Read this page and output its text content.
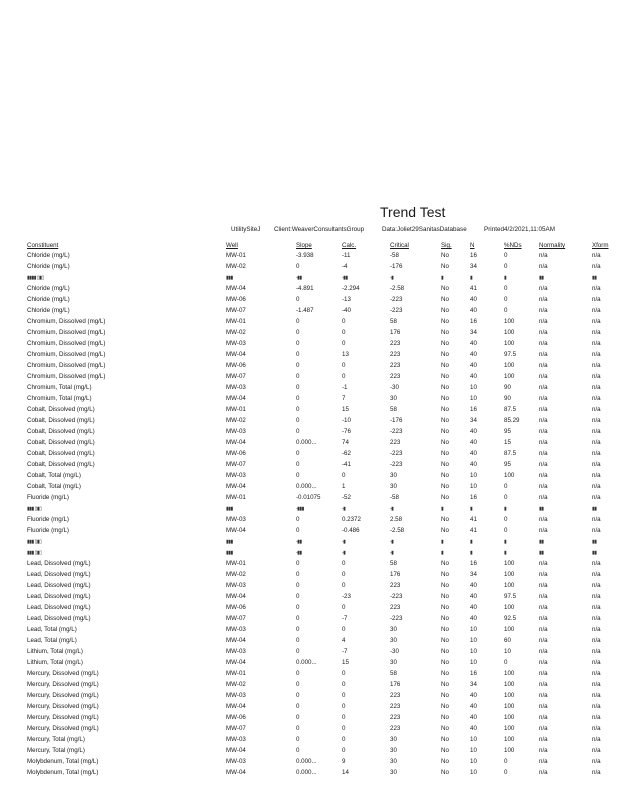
Trend Test
UtilitySiteJ Client:WeaverConsultantsGroup	Data:Joliet29SanitasDatabase	Printed4/2/2021,11:05AM
Constituent	Well	Slope	Calc.	Critical	Sig.	N	%NDs	Normality	Xform
Chloride (mg/L)	MW-01	-3.938	-11	-58	No	16	0	n/a	n/a
Chloride (mg/L)	MW-02	0	-4	-176	No	34	0	n/a	n/a
▮▮▮▮ ▯▮▯	▮▮▮	-▮▮	-▮▮	-▮	▮	▮	▮	▮▮	▮▮
Chloride (mg/L)	MW-04	-4.891	-2.294	-2.58	No	41	0	n/a	n/a
Chloride (mg/L)	MW-06	0	-13	-223	No	40	0	n/a	n/a
Chloride (mg/L)	MW-07	-1.487	-40	-223	No	40	0	n/a	n/a
Chromium, Dissolved (mg/L)	MW-01	0	0	58	No	16	100	n/a	n/a
Chromium, Dissolved (mg/L)	MW-02	0	0	176	No	34	100	n/a	n/a
Chromium, Dissolved (mg/L)	MW-03	0	0	223	No	40	100	n/a	n/a
Chromium, Dissolved (mg/L)	MW-04	0	13	223	No	40	97.5	n/a	n/a
Chromium, Dissolved (mg/L)	MW-06	0	0	223	No	40	100	n/a	n/a
Chromium, Dissolved (mg/L)	MW-07	0	0	223	No	40	100	n/a	n/a
Chromium, Total (mg/L)	MW-03	0	-1	-30	No	10	90	n/a	n/a
Chromium, Total (mg/L)	MW-04	0	7	30	No	10	90	n/a	n/a
Cobalt, Dissolved (mg/L)	MW-01	0	15	58	No	16	87.5	n/a	n/a
Cobalt, Dissolved (mg/L)	MW-02	0	-10	-176	No	34	85.29	n/a	n/a
Cobalt, Dissolved (mg/L)	MW-03	0	-76	-223	No	40	95	n/a	n/a
Cobalt, Dissolved (mg/L)	MW-04	0.000...	74	223	No	40	15	n/a	n/a
Cobalt, Dissolved (mg/L)	MW-06	0	-62	-223	No	40	87.5	n/a	n/a
Cobalt, Dissolved (mg/L)	MW-07	0	-41	-223	No	40	95	n/a	n/a
Cobalt, Total (mg/L)	MW-03	0	0	30	No	10	100	n/a	n/a
Cobalt, Total (mg/L)	MW-04	0.000...	1	30	No	10	0	n/a	n/a
Fluoride (mg/L)	MW-01	-0.01075	-52	-58	No	16	0	n/a	n/a
▮▮▮ ▯▮▯	▮▮▮	-▮▮▮	-▮	-▮	▮	▮	▮	▮▮	▮▮
Fluoride (mg/L)	MW-03	0	0.2372	2.58	No	41	0	n/a	n/a
Fluoride (mg/L)	MW-04	0	-0.486	-2.58	No	41	0	n/a	n/a
▮▮▮ ▯▮▯	▮▮▮	-▮▮	-▮	-▮	▮	▮	▮	▮▮	▮▮
▮▮▮ ▯▮▯	▮▮▮	-▮▮	-▮	-▮	▮	▮	▮	▮▮	▮▮
Lead, Dissolved (mg/L)	MW-01	0	0	58	No	16	100	n/a	n/a
Lead, Dissolved (mg/L)	MW-02	0	0	176	No	34	100	n/a	n/a
Lead, Dissolved (mg/L)	MW-03	0	0	223	No	40	100	n/a	n/a
Lead, Dissolved (mg/L)	MW-04	0	-23	-223	No	40	97.5	n/a	n/a
Lead, Dissolved (mg/L)	MW-06	0	0	223	No	40	100	n/a	n/a
Lead, Dissolved (mg/L)	MW-07	0	-7	-223	No	40	92.5	n/a	n/a
Lead, Total (mg/L)	MW-03	0	0	30	No	10	100	n/a	n/a
Lead, Total (mg/L)	MW-04	0	4	30	No	10	60	n/a	n/a
Lithium, Total (mg/L)	MW-03	0	-7	-30	No	10	10	n/a	n/a
Lithium, Total (mg/L)	MW-04	0.000...	15	30	No	10	0	n/a	n/a
Mercury, Dissolved (mg/L)	MW-01	0	0	58	No	16	100	n/a	n/a
Mercury, Dissolved (mg/L)	MW-02	0	0	176	No	34	100	n/a	n/a
Mercury, Dissolved (mg/L)	MW-03	0	0	223	No	40	100	n/a	n/a
Mercury, Dissolved (mg/L)	MW-04	0	0	223	No	40	100	n/a	n/a
Mercury, Dissolved (mg/L)	MW-06	0	0	223	No	40	100	n/a	n/a
Mercury, Dissolved (mg/L)	MW-07	0	0	223	No	40	100	n/a	n/a
Mercury, Total (mg/L)	MW-03	0	0	30	No	10	100	n/a	n/a
Mercury, Total (mg/L)	MW-04	0	0	30	No	10	100	n/a	n/a
Molybdenum, Total (mg/L)	MW-03	0.000...	9	30	No	10	0	n/a	n/a
Molybdenum, Total (mg/L)	MW-04	0.000...	14	30	No	10	0	n/a	n/a
